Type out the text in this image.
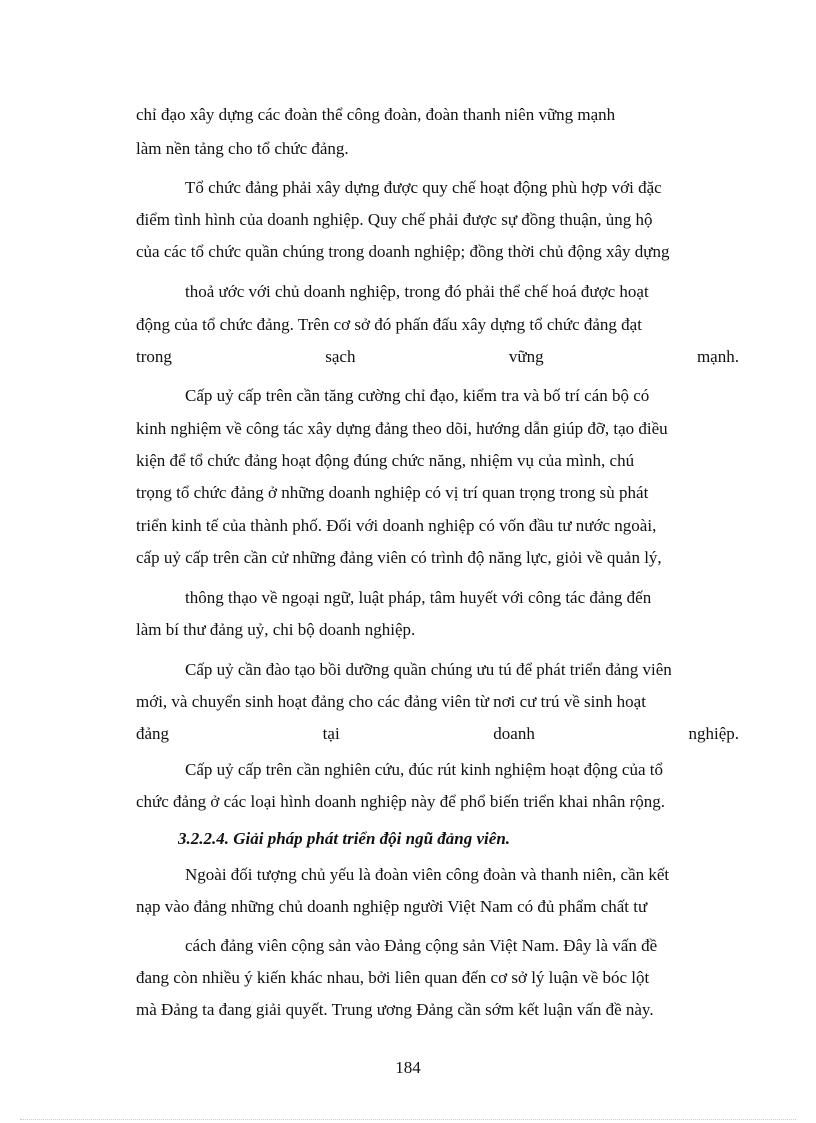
chỉ đạo xây dựng các đoàn thể công đoàn, đoàn thanh niên vững mạnh
làm nền tảng cho tổ chức đảng.
Tổ chức đảng phải xây dựng được quy chế hoạt động phù hợp với đặc
điểm tình hình của doanh nghiệp. Quy chế phải được sự đồng thuận, ủng hộ
của các tổ chức quần chúng trong doanh nghiệp; đồng thời chủ động xây dựng
thoả ước với chủ doanh nghiệp, trong đó phải thể chế hoá được hoạt
động của tổ chức đảng. Trên cơ sở đó phấn đấu xây dựng tổ chức đảng đạt
trong	sạch	vững	mạnh.
Cấp uỷ cấp trên cần tăng cường chỉ đạo, kiểm tra và bố trí cán bộ có
kinh nghiệm về công tác xây dựng đảng theo dõi, hướng dẫn giúp đỡ, tạo điều
kiện để tổ chức đảng hoạt động đúng chức năng, nhiệm vụ của mình, chú
trọng tổ chức đảng ở những doanh nghiệp có vị trí quan trọng trong sù phát
triển kinh tế của thành phố. Đối với doanh nghiệp có vốn đầu tư nước ngoài,
cấp uỷ cấp trên cần cử những đảng viên có trình độ năng lực, giỏi về quản lý,
thông thạo về ngoại ngữ, luật pháp, tâm huyết với công tác đảng đến
làm bí thư đảng uỷ, chi bộ doanh nghiệp.
Cấp uỷ cần đào tạo bồi dưỡng quần chúng ưu tú để phát triển đảng viên
mới, và chuyển sinh hoạt đảng cho các đảng viên từ nơi cư trú về sinh hoạt
đảng	tại	doanh	nghiệp.
Cấp uỷ cấp trên cần nghiên cứu, đúc rút kinh nghiệm hoạt động của tổ
chức đảng ở các loại hình doanh nghiệp này để phổ biến triển khai nhân rộng.
3.2.2.4. Giải pháp phát triển đội ngũ đảng viên.
Ngoài đối tượng chủ yếu là đoàn viên công đoàn và thanh niên, cần kết
nạp vào đảng những chủ doanh nghiệp người Việt Nam có đủ phẩm chất tư
cách đảng viên cộng sản vào Đảng cộng sản Việt Nam. Đây là vấn đề
đang còn nhiều ý kiến khác nhau, bởi liên quan đến cơ sở lý luận về bóc lột
mà Đảng ta đang giải quyết. Trung ương Đảng cần sớm kết luận vấn đề này.
184
